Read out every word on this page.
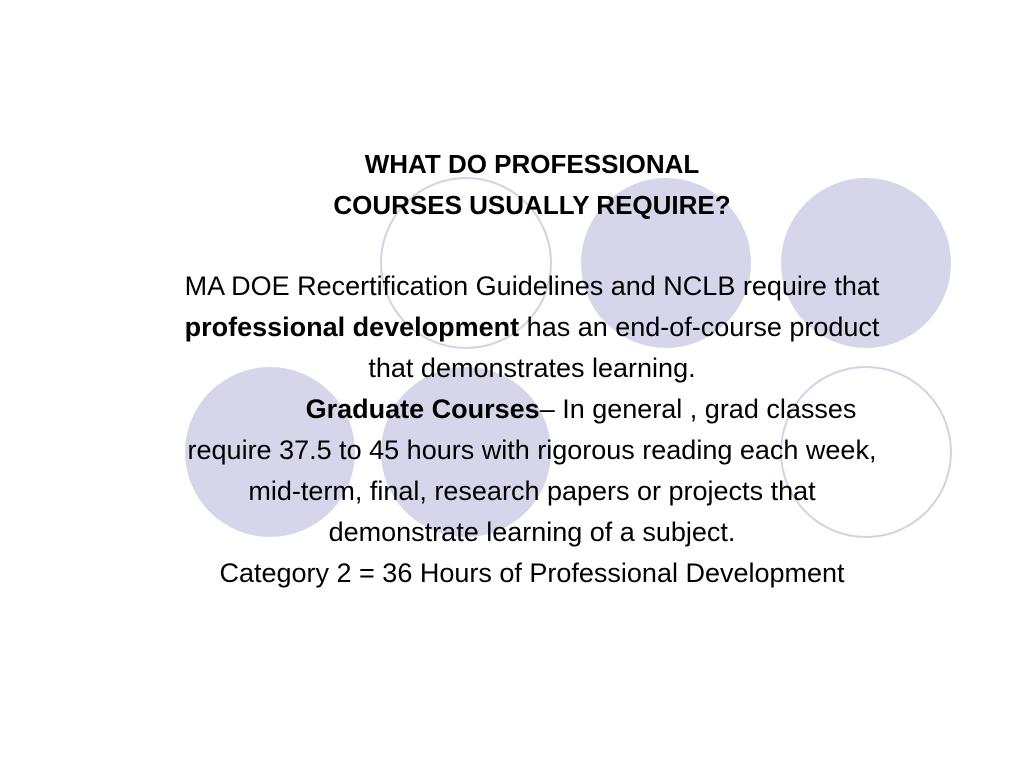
WHAT DO PROFESSIONAL
COURSES USUALLY REQUIRE?
MA DOE Recertification Guidelines and NCLB require that
professional development has an end-of-course product
that demonstrates learning.
Graduate Courses– In general , grad classes
require 37.5 to 45 hours with rigorous reading each week,
mid-term, final, research papers or projects that
demonstrate learning of a subject.
Category 2 = 36 Hours of Professional Development
